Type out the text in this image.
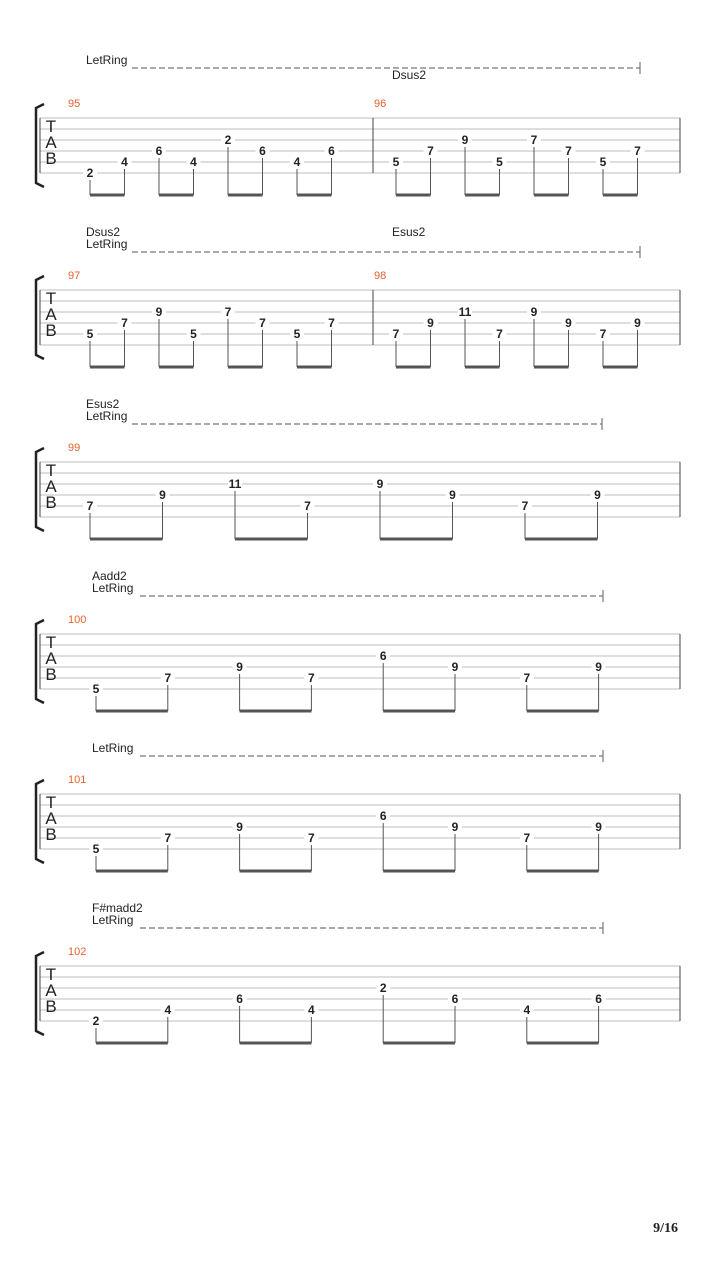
LetRing
Dsus2
T
A
B
95
2
4
6
4
2
6
4
6
96
5
7
9
5
7
7
5
7
Dsus2
LetRing
Esus2
T
A
B
97
5
7
9
5
7
7
5
7
98
7
9
11
7
9
9
7
9
Esus2
LetRing
T
A
B
99
7
9
11
7
9
9
7
9
Aadd2
LetRing
T
A
B
100
5
7
9
7
6
9
7
9
LetRing
T
A
B
101
5
7
9
7
6
9
7
9
F#madd2
LetRing
T
A
B
102
2
4
6
4
2
6
4
6
9/16
